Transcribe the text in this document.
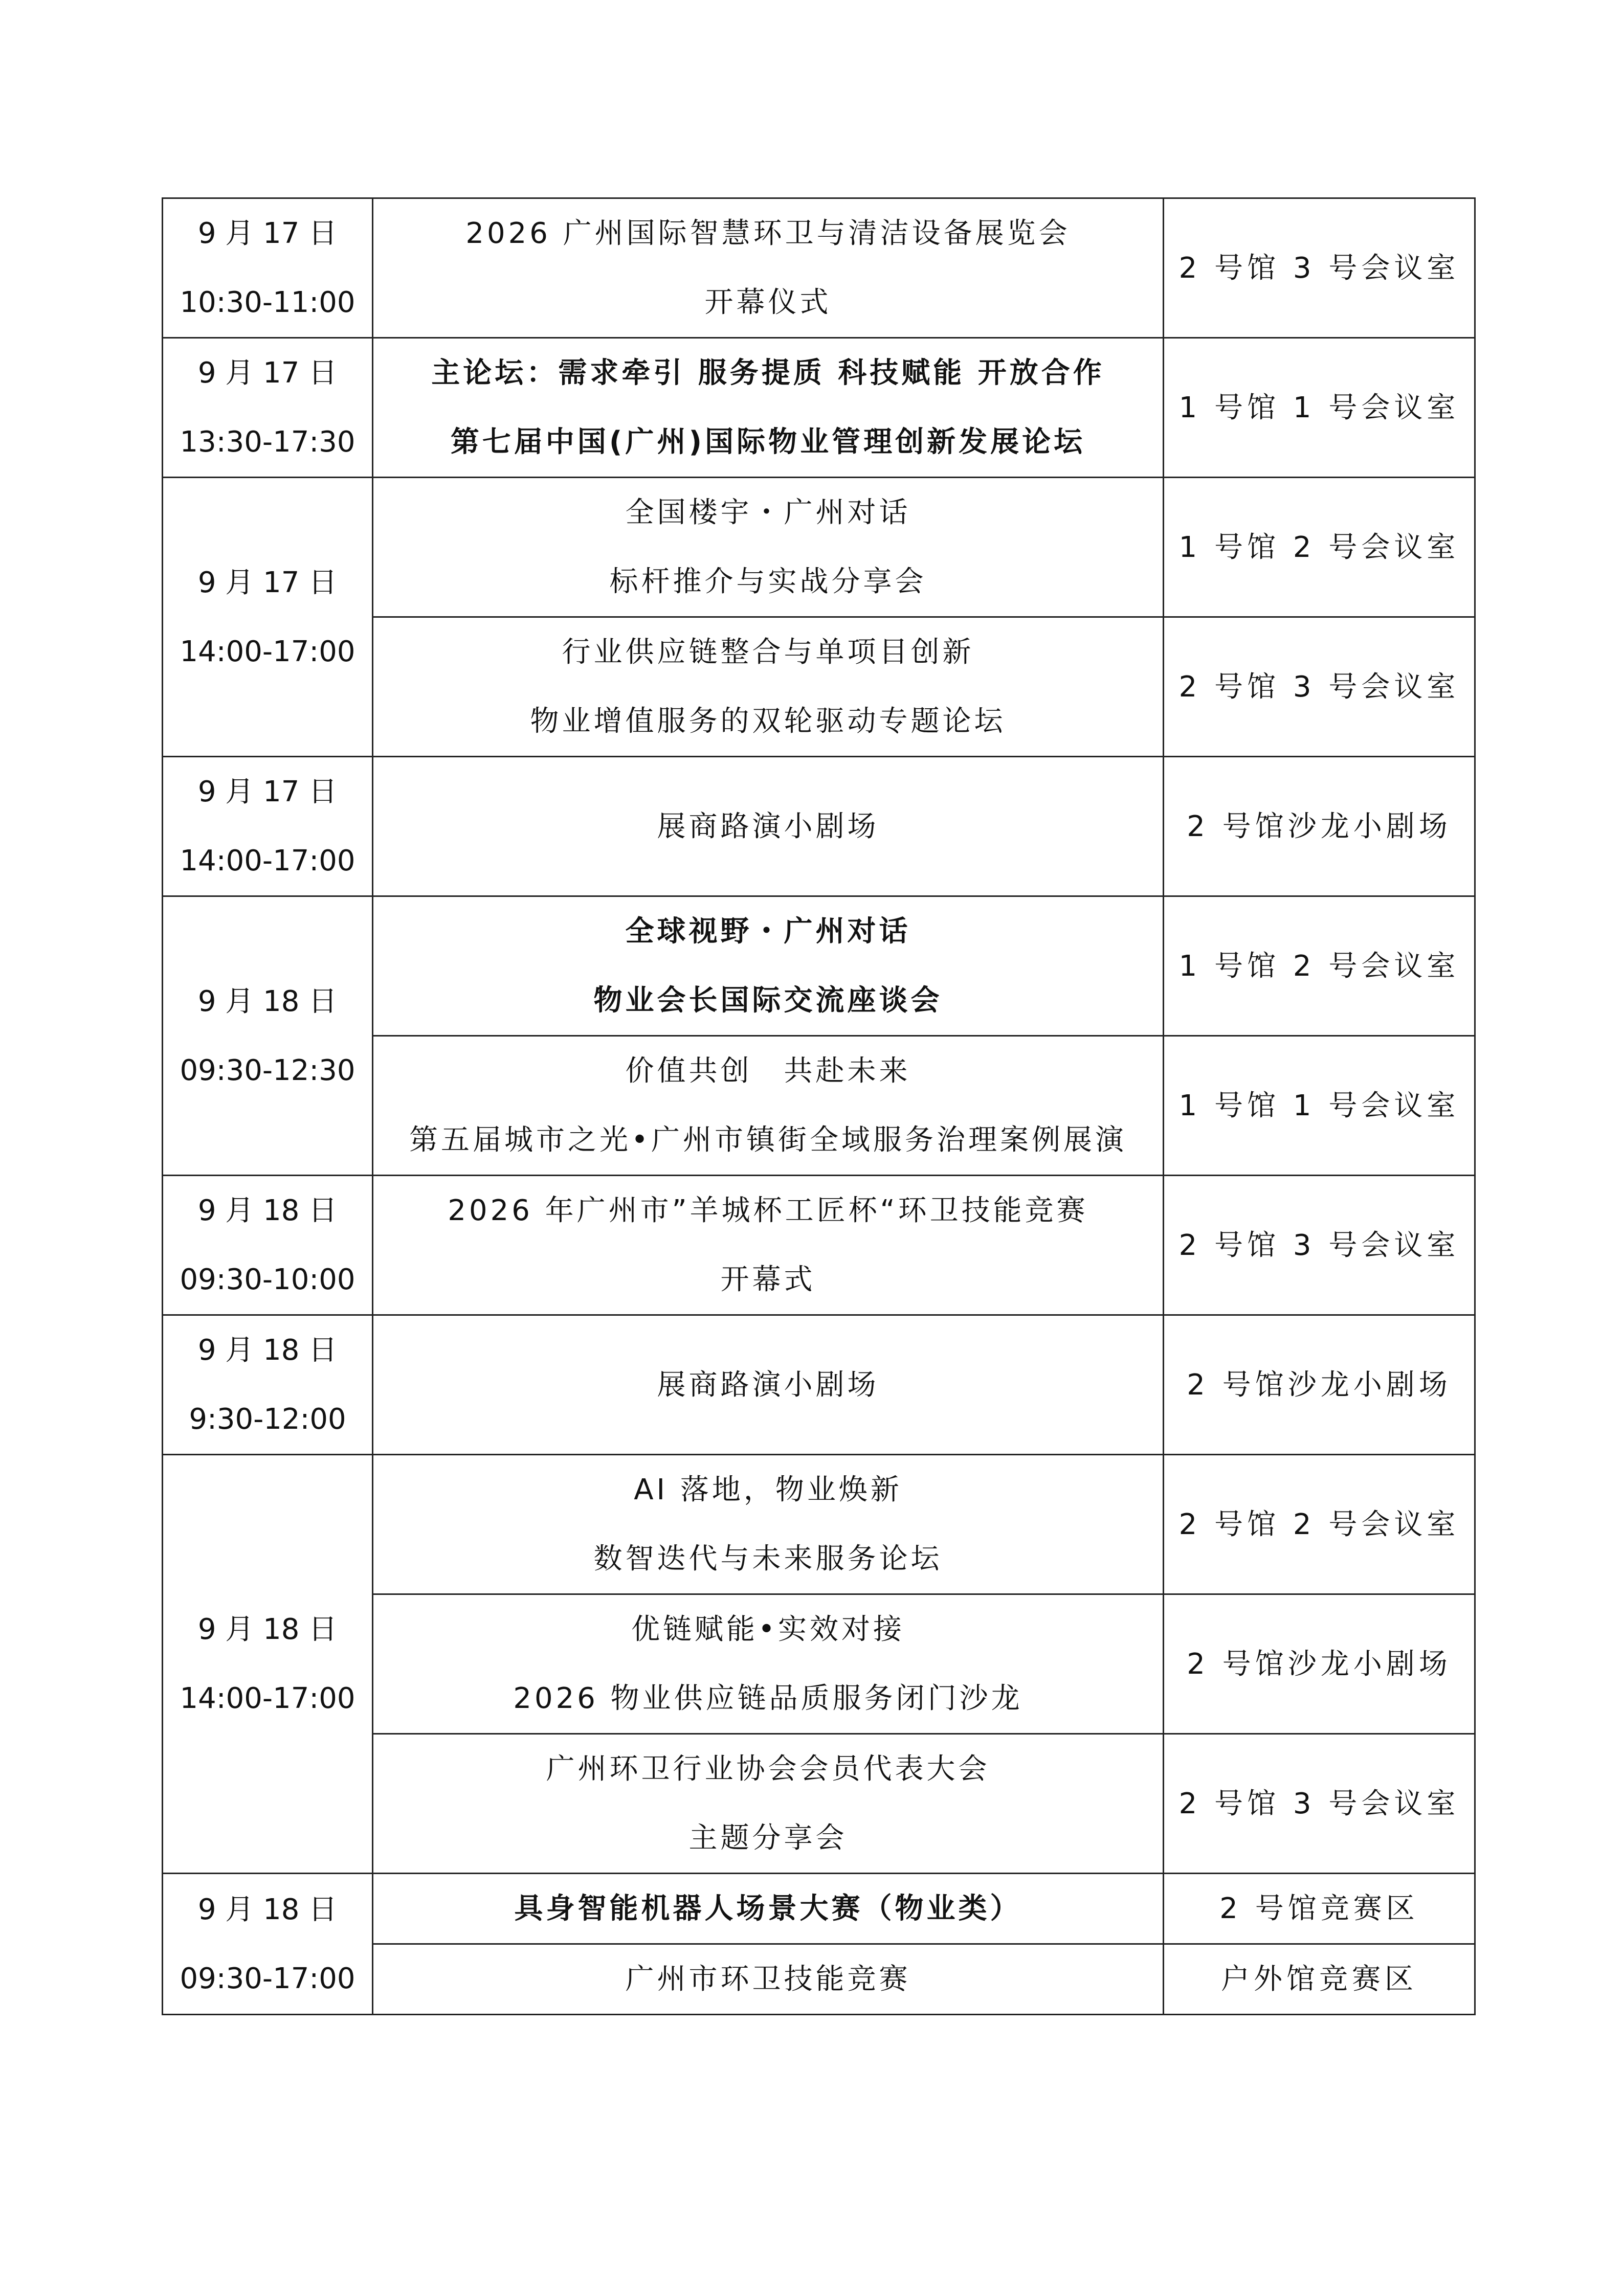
9 月 17 日
10:30-11:00	2026 广州国际智慧环卫与清洁设备展览会
开幕仪式	2 号馆 3 号会议室

9 月 17 日
13:30-17:30	主论坛：需求牵引 服务提质 科技赋能 开放合作
第七届中国(广州)国际物业管理创新发展论坛	1 号馆 1 号会议室

9 月 17 日
14:00-17:00	全国楼宇・广州对话
标杆推介与实战分享会	1 号馆 2 号会议室

	行业供应链整合与单项目创新
物业增值服务的双轮驱动专题论坛	2 号馆 3 号会议室

9 月 17 日
14:00-17:00	展商路演小剧场	2 号馆沙龙小剧场

9 月 18 日
09:30-12:30	全球视野・广州对话
物业会长国际交流座谈会	1 号馆 2 号会议室

	价值共创　共赴未来
第五届城市之光•广州市镇街全域服务治理案例展演	1 号馆 1 号会议室

9 月 18 日
09:30-10:00	2026 年广州市”羊城杯工匠杯“环卫技能竞赛
开幕式	2 号馆 3 号会议室

9 月 18 日
9:30-12:00	展商路演小剧场	2 号馆沙龙小剧场

9 月 18 日
14:00-17:00	AI 落地，物业焕新
数智迭代与未来服务论坛	2 号馆 2 号会议室

	优链赋能•实效对接
2026 物业供应链品质服务闭门沙龙	2 号馆沙龙小剧场

	广州环卫行业协会会员代表大会
主题分享会	2 号馆 3 号会议室

9 月 18 日
09:30-17:00	具身智能机器人场景大赛（物业类）	2 号馆竞赛区

	广州市环卫技能竞赛	户外馆竞赛区
